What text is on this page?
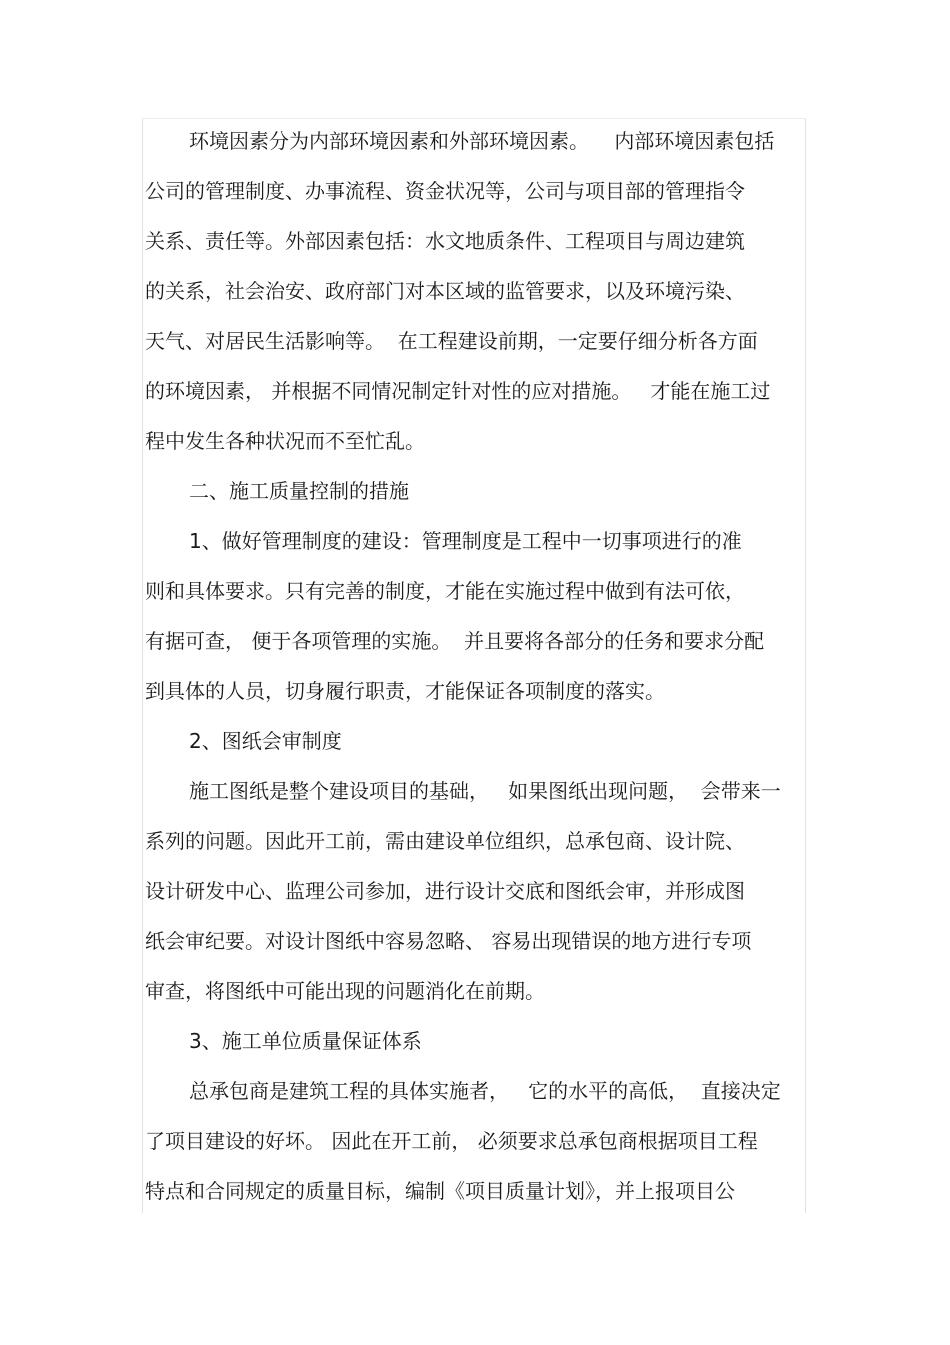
环境因素分为内部环境因素和外部环境因素。    内部环境因素包括
公司的管理制度、办事流程、资金状况等，公司与项目部的管理指令
关系、责任等。外部因素包括：水文地质条件、工程项目与周边建筑
的关系，社会治安、政府部门对本区域的监管要求，以及环境污染、
天气、对居民生活影响等。  在工程建设前期，一定要仔细分析各方面
的环境因素， 并根据不同情况制定针对性的应对措施。   才能在施工过
程中发生各种状况而不至忙乱。
二、施工质量控制的措施
1、做好管理制度的建设：管理制度是工程中一切事项进行的准
则和具体要求。只有完善的制度，才能在实施过程中做到有法可依，
有据可查， 便于各项管理的实施。  并且要将各部分的任务和要求分配
到具体的人员，切身履行职责，才能保证各项制度的落实。
2、图纸会审制度
施工图纸是整个建设项目的基础，   如果图纸出现问题，  会带来一
系列的问题。因此开工前，需由建设单位组织，总承包商、设计院、
设计研发中心、监理公司参加，进行设计交底和图纸会审，并形成图
纸会审纪要。对设计图纸中容易忽略、 容易出现错误的地方进行专项
审查，将图纸中可能出现的问题消化在前期。
3、施工单位质量保证体系
总承包商是建筑工程的具体实施者，   它的水平的高低，  直接决定
了项目建设的好坏。 因此在开工前， 必须要求总承包商根据项目工程
特点和合同规定的质量目标，编制《项目质量计划》，并上报项目公
